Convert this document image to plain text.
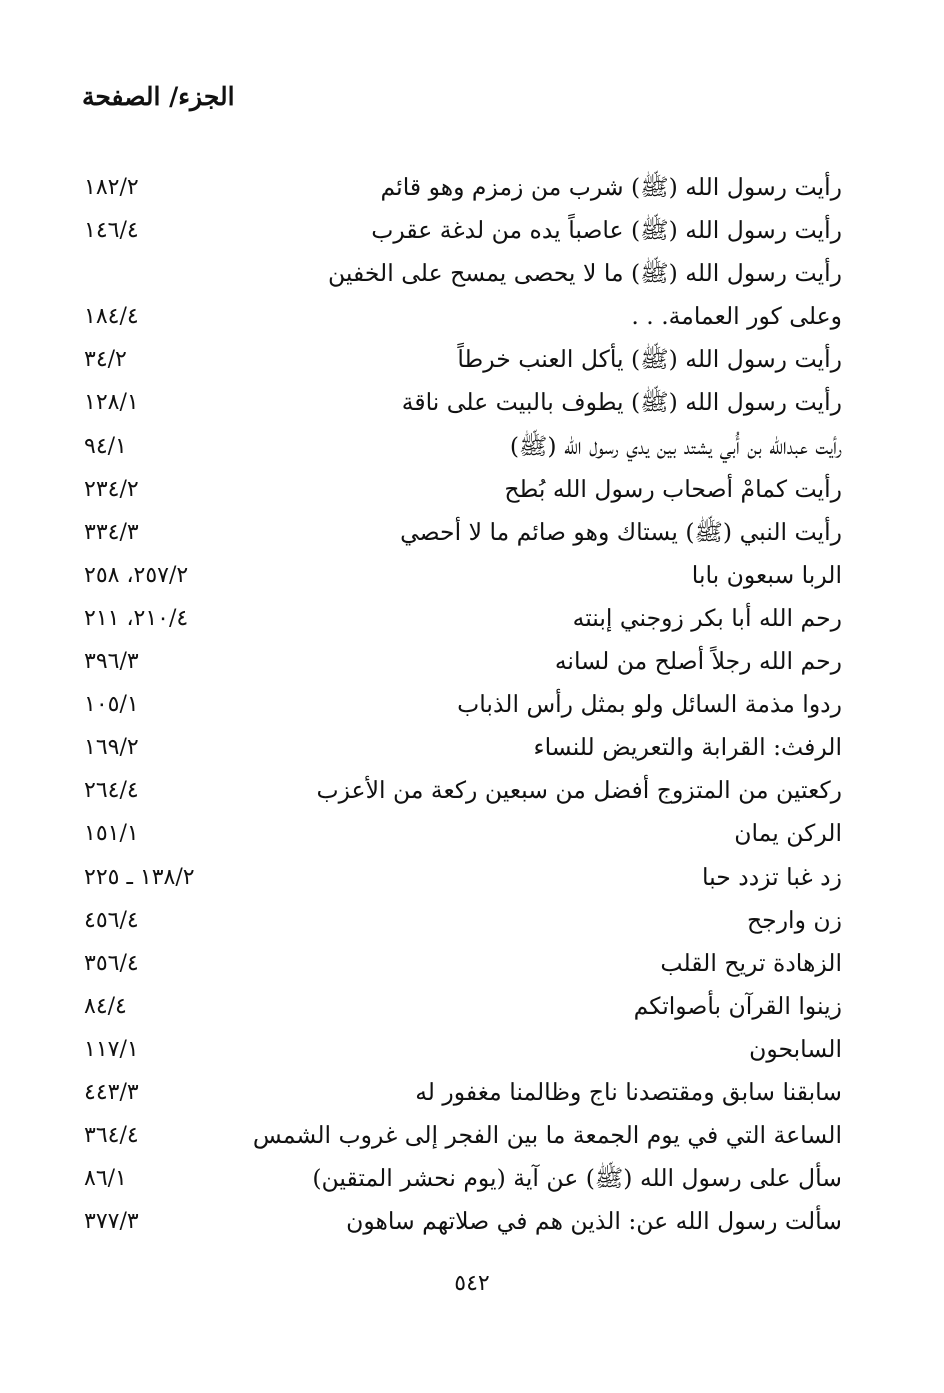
الجزء/ الصفحة
رأيت رسول الله (ﷺ) شرب من زمزم وهو قائم
١٨٢/٢
رأيت رسول الله (ﷺ) عاصباً يده من لدغة عقرب
١٤٦/٤
رأيت رسول الله (ﷺ) ما لا يحصى يمسح على الخفين
وعلى كور العمامة. . .
١٨٤/٤
رأيت رسول الله (ﷺ) يأكل العنب خرطاً
٣٤/٢
رأيت رسول الله (ﷺ) يطوف بالبيت على ناقة
١٢٨/١
رأيت عبدالله بن أُبي يشتد بين يدي رسول الله (ﷺ)
٩٤/١
رأيت كمامْ أصحاب رسول الله بُطح
٢٣٤/٢
رأيت النبي (ﷺ) يستاك وهو صائم ما لا أحصي
٣٣٤/٣
الربا سبعون بابا
٢٥٧/٢، ٢٥٨
رحم الله أبا بكر زوجني إبنته
٢١٠/٤، ٢١١
رحم الله رجلاً أصلح من لسانه
٣٩٦/٣
ردوا مذمة السائل ولو بمثل رأس الذباب
١٠٥/١
الرفث: القرابة والتعريض للنساء
١٦٩/٢
ركعتين من المتزوج أفضل من سبعين ركعة من الأعزب
٢٦٤/٤
الركن يمان
١٥١/١
زد غبا تزدد حبا
١٣٨/٢ ـ ٢٢٥
زن وارجح
٤٥٦/٤
الزهادة تريح القلب
٣٥٦/٤
زينوا القرآن بأصواتكم
٨٤/٤
السابحون
١١٧/١
سابقنا سابق ومقتصدنا ناج وظالمنا مغفور له
٤٤٣/٣
الساعة التي في يوم الجمعة ما بين الفجر إلى غروب الشمس
٣٦٤/٤
سأل على رسول الله (ﷺ) عن آية (يوم نحشر المتقين)
٨٦/١
سألت رسول الله عن: الذين هم في صلاتهم ساهون
٣٧٧/٣
٥٤٢
